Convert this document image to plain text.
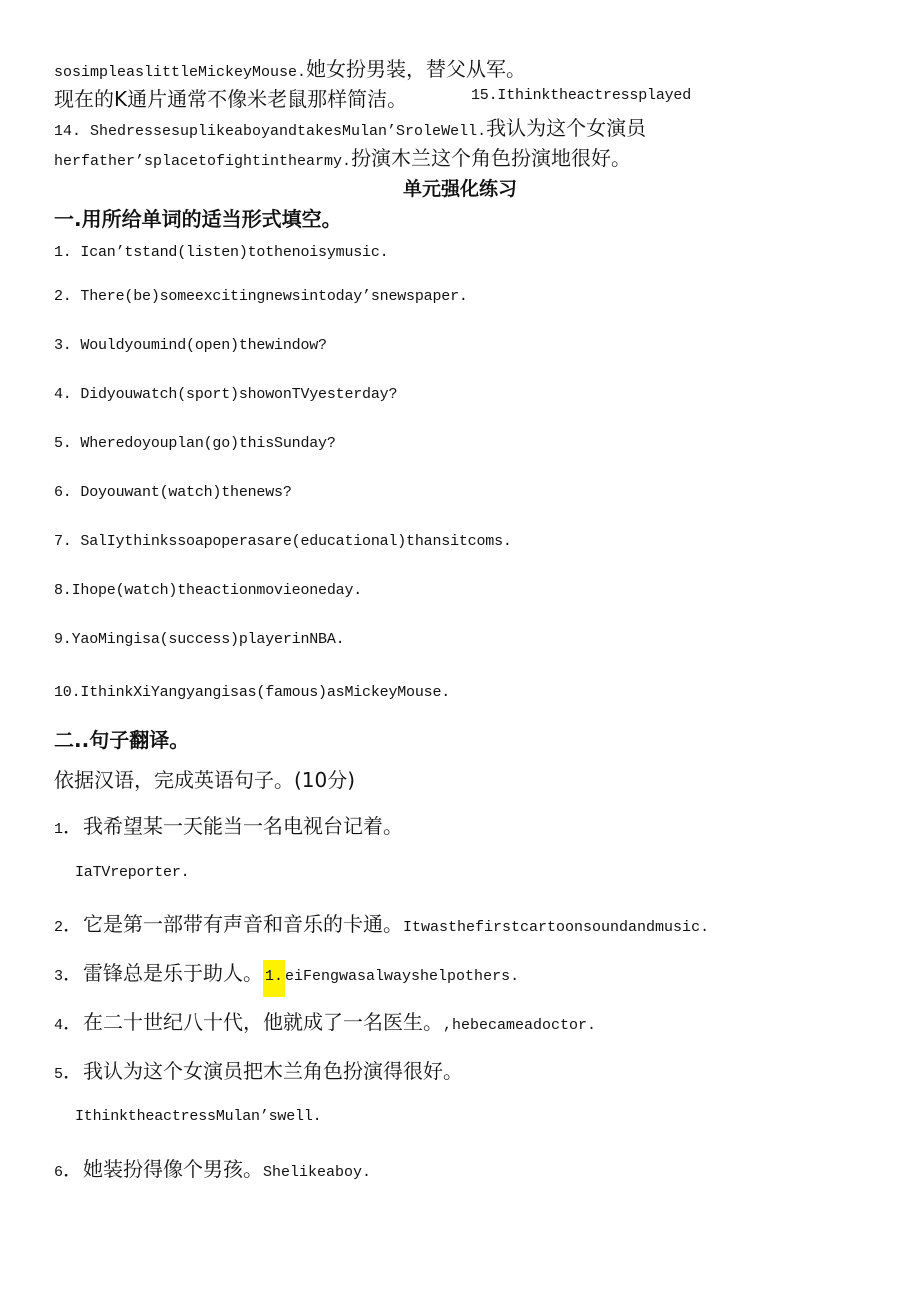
sosimpleaslittleMickeyMouse.她女扮男装，替父从军。
现在的K通片通常不像米老鼠那样简洁。	15.Ithinktheactressplayed
14. ShedressesuplikeaboyandtakesMulan’SroleWell.我认为这个女演员
herfather’splacetofightinthearmy.扮演木兰这个角色扮演地很好。
单元强化练习
一.用所给单词的适当形式填空。
1. Ican’tstand(listen)tothenoisymusic.
2. There(be)someexcitingnewsintoday’snewspaper.
3. Wouldyoumind(open)thewindow?
4. Didyouwatch(sport)showonTVyesterday?
5. Wheredoyouplan(go)thisSunday?
6. Doyouwant(watch)thenews?
7. SalIythinkssoapoperasare(educational)thansitcoms.
8.Ihope(watch)theactionmovieoneday.
9.YaoMingisa(success)playerinNBA.
10.IthinkXiYangyangisas(famous)asMickeyMouse.
二..句子翻译。
依据汉语，完成英语句子。(10分)
1．我希望某一天能当一名电视台记着。
IaTVreporter.
2．它是第一部带有声音和音乐的卡通。Itwasthefirstcartoonsoundandmusic.
3．雷锋总是乐于助人。 1. eiFengwasalwayshelpothers.
4．在二十世纪八十代，他就成了一名医生。,hebecameadoctor.
5．我认为这个女演员把木兰角色扮演得很好。
IthinktheactressMulan’swell.
6．她装扮得像个男孩。Shelikeaboy.
